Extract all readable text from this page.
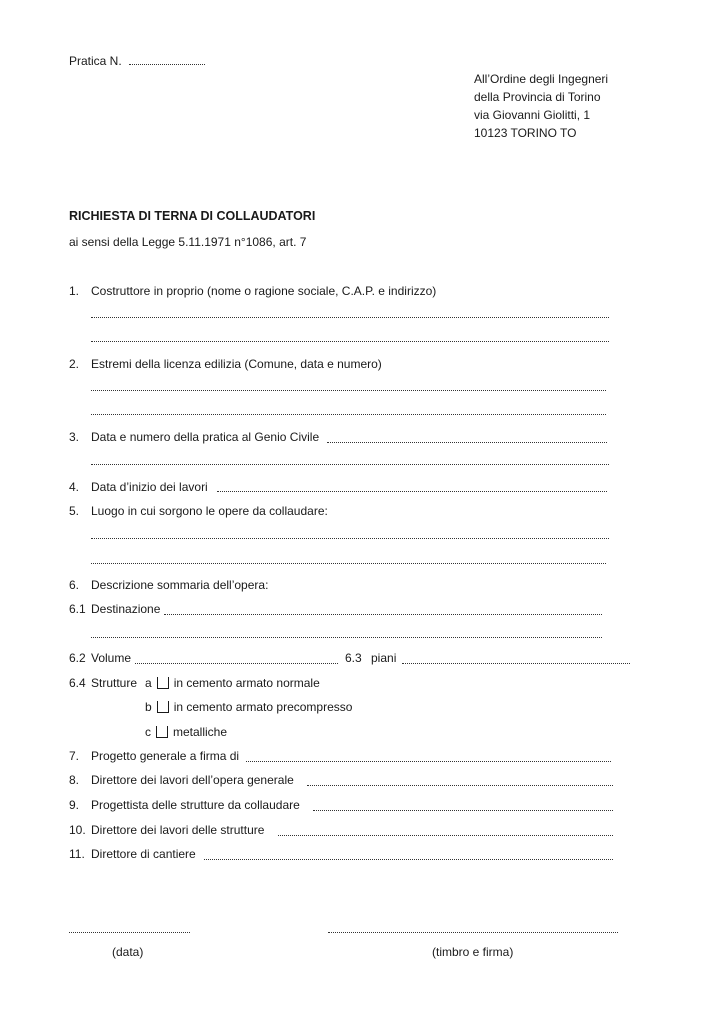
Pratica N.
All’Ordine degli Ingegneri
della Provincia di Torino
via Giovanni Giolitti, 1
10123 TORINO TO
RICHIESTA DI TERNA DI COLLAUDATORI
ai sensi della Legge 5.11.1971 n°1086, art. 7
1. Costruttore in proprio (nome o ragione sociale, C.A.P. e indirizzo)
2. Estremi della licenza edilizia (Comune, data e numero)
3. Data e numero della pratica al Genio Civile
4. Data d’inizio dei lavori
5. Luogo in cui sorgono le opere da collaudare:
6. Descrizione sommaria dell’opera:
6.1 Destinazione
6.2 Volume	6.3 piani
6.4 Strutture a in cemento armato normale
b in cemento armato precompresso
c metalliche
7. Progetto generale a firma di
8. Direttore dei lavori dell’opera generale
9. Progettista delle strutture da collaudare
10. Direttore dei lavori delle strutture
11. Direttore di cantiere
(data)	(timbro e firma)
